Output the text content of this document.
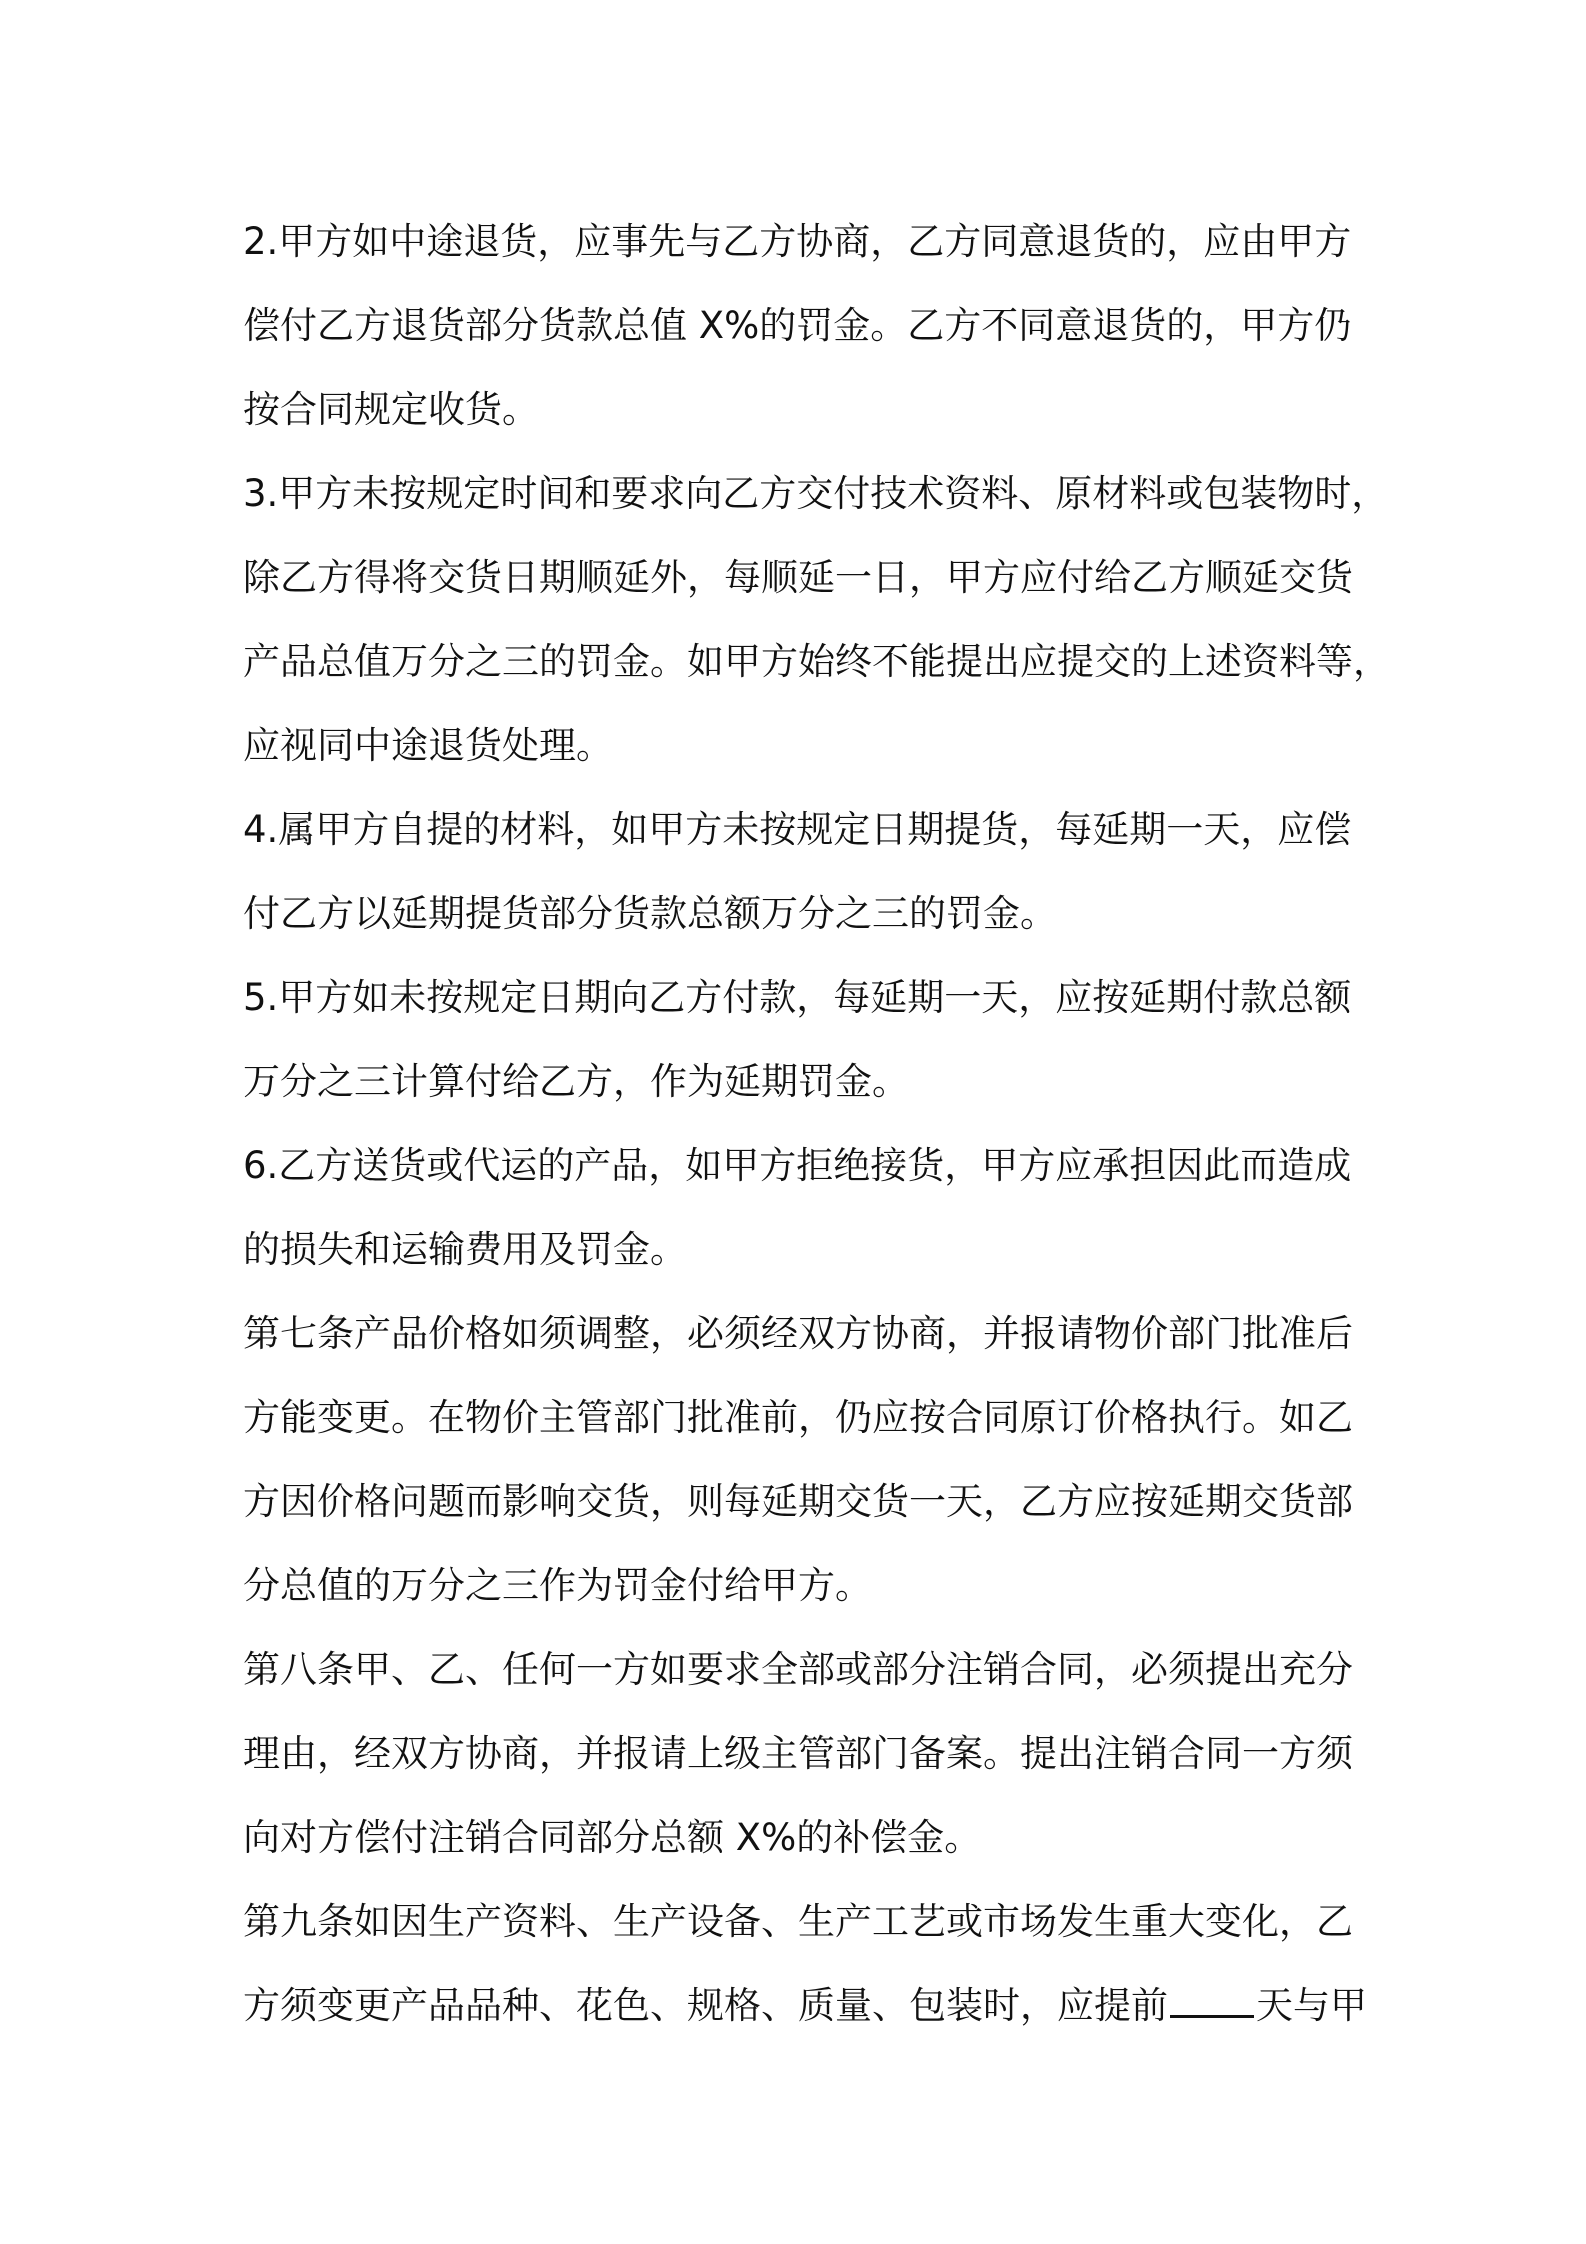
2.甲方如中途退货，应事先与乙方协商，乙方同意退货的，应由甲方
偿付乙方退货部分货款总值 X%的罚金。乙方不同意退货的，甲方仍
按合同规定收货。
3.甲方未按规定时间和要求向乙方交付技术资料、原材料或包装物时，
除乙方得将交货日期顺延外，每顺延一日，甲方应付给乙方顺延交货
产品总值万分之三的罚金。如甲方始终不能提出应提交的上述资料等，
应视同中途退货处理。
4.属甲方自提的材料，如甲方未按规定日期提货，每延期一天，应偿
付乙方以延期提货部分货款总额万分之三的罚金。
5.甲方如未按规定日期向乙方付款，每延期一天，应按延期付款总额
万分之三计算付给乙方，作为延期罚金。
6.乙方送货或代运的产品，如甲方拒绝接货，甲方应承担因此而造成
的损失和运输费用及罚金。
第七条产品价格如须调整，必须经双方协商，并报请物价部门批准后
方能变更。在物价主管部门批准前，仍应按合同原订价格执行。如乙
方因价格问题而影响交货，则每延期交货一天，乙方应按延期交货部
分总值的万分之三作为罚金付给甲方。
第八条甲、乙、任何一方如要求全部或部分注销合同，必须提出充分
理由，经双方协商，并报请上级主管部门备案。提出注销合同一方须
向对方偿付注销合同部分总额 X%的补偿金。
第九条如因生产资料、生产设备、生产工艺或市场发生重大变化，乙
方须变更产品品种、花色、规格、质量、包装时，应提前 天与甲
